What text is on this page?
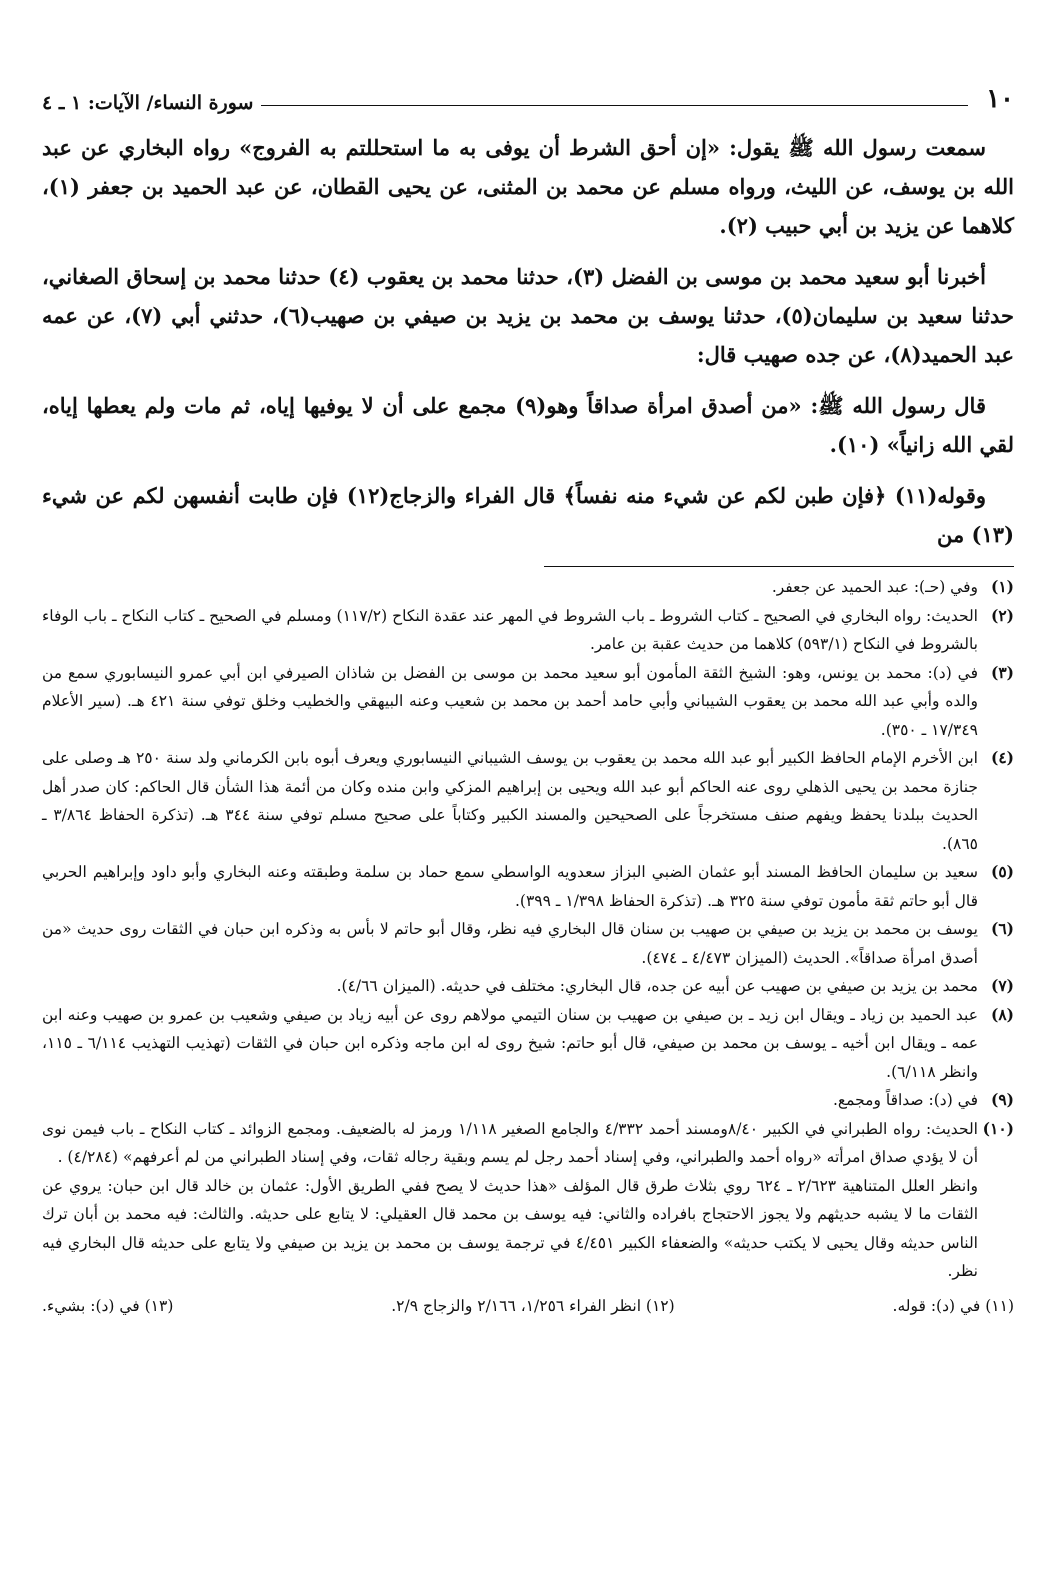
١٠
سورة النساء/ الآيات: ١ ـ ٤

سمعت رسول الله ﷺ يقول: «إن أحق الشرط أن يوفى به ما استحللتم به الفروج» رواه البخاري عن عبد الله بن يوسف، عن الليث، ورواه مسلم عن محمد بن المثنى، عن يحيى القطان، عن عبد الحميد بن جعفر (١)، كلاهما عن يزيد بن أبي حبيب (٢).

أخبرنا أبو سعيد محمد بن موسى بن الفضل (٣)، حدثنا محمد بن يعقوب (٤) حدثنا محمد بن إسحاق الصغاني، حدثنا سعيد بن سليمان(٥)، حدثنا يوسف بن محمد بن يزيد بن صيفي بن صهيب(٦)، حدثني أبي (٧)، عن عمه عبد الحميد(٨)، عن جده صهيب قال:

قال رسول الله ﷺ: «من أصدق امرأة صداقاً وهو(٩) مجمع على أن لا يوفيها إياه، ثم مات ولم يعطها إياه، لقي الله زانياً» (١٠).

وقوله(١١) ﴿فإن طبن لكم عن شيء منه نفساً﴾ قال الفراء والزجاج(١٢) فإن طابت أنفسهن لكم عن شيء (١٣) من

(١)
وفي (حـ): عبد الحميد عن جعفر.
(٢)
الحديث: رواه البخاري في الصحيح ـ كتاب الشروط ـ باب الشروط في المهر عند عقدة النكاح (١١٧/٢) ومسلم في الصحيح ـ كتاب النكاح ـ باب الوفاء بالشروط في النكاح (٥٩٣/١) كلاهما من حديث عقبة بن عامر.
(٣)
في (د): محمد بن يونس، وهو: الشيخ الثقة المأمون أبو سعيد محمد بن موسى بن الفضل بن شاذان الصيرفي ابن أبي عمرو النيسابوري سمع من والده وأبي عبد الله محمد بن يعقوب الشيباني وأبي حامد أحمد بن محمد بن شعيب وعنه البيهقي والخطيب وخلق توفي سنة ٤٢١ هـ. (سير الأعلام ١٧/٣٤٩ ـ ٣٥٠).
(٤)
ابن الأخرم الإمام الحافظ الكبير أبو عبد الله محمد بن يعقوب بن يوسف الشيباني النيسابوري ويعرف أبوه بابن الكرماني ولد سنة ٢٥٠ هـ وصلى على جنازة محمد بن يحيى الذهلي روى عنه الحاكم أبو عبد الله ويحيى بن إبراهيم المزكي وابن منده وكان من أئمة هذا الشأن قال الحاكم: كان صدر أهل الحديث ببلدنا يحفظ ويفهم صنف مستخرجاً على الصحيحين والمسند الكبير وكتاباً على صحيح مسلم توفي سنة ٣٤٤ هـ. (تذكرة الحفاظ ٣/٨٦٤ ـ ٨٦٥).
(٥)
سعيد بن سليمان الحافظ المسند أبو عثمان الضبي البزاز سعدويه الواسطي سمع حماد بن سلمة وطبقته وعنه البخاري وأبو داود وإبراهيم الحربي قال أبو حاتم ثقة مأمون توفي سنة ٣٢٥ هـ. (تذكرة الحفاظ ١/٣٩٨ ـ ٣٩٩).
(٦)
يوسف بن محمد بن يزيد بن صيفي بن صهيب بن سنان قال البخاري فيه نظر، وقال أبو حاتم لا بأس به وذكره ابن حبان في الثقات روى حديث «من أصدق امرأة صداقاً». الحديث (الميزان ٤/٤٧٣ ـ ٤٧٤).
(٧)
محمد بن يزيد بن صيفي بن صهيب عن أبيه عن جده، قال البخاري: مختلف في حديثه. (الميزان ٤/٦٦).
(٨)
عبد الحميد بن زياد ـ ويقال ابن زيد ـ بن صيفي بن صهيب بن سنان التيمي مولاهم روى عن أبيه زياد بن صيفي وشعيب بن عمرو بن صهيب وعنه ابن عمه ـ ويقال ابن أخيه ـ يوسف بن محمد بن صيفي، قال أبو حاتم: شيخ روى له ابن ماجه وذكره ابن حبان في الثقات (تهذيب التهذيب ٦/١١٤ ـ ١١٥، وانظر ٦/١١٨).
(٩)
في (د): صداقاً ومجمع.
(١٠)
الحديث: رواه الطبراني في الكبير ٨/٤٠ومسند أحمد ٤/٣٣٢ والجامع الصغير ١/١١٨ ورمز له بالضعيف. ومجمع الزوائد ـ كتاب النكاح ـ باب فيمن نوى أن لا يؤدي صداق امرأته «رواه أحمد والطبراني، وفي إسناد أحمد رجل لم يسم وبقية رجاله ثقات، وفي إسناد الطبراني من لم أعرفهم» (٤/٢٨٤) .

وانظر العلل المتناهية ٢/٦٢٣ ـ ٦٢٤ روي بثلاث طرق قال المؤلف «هذا حديث لا يصح ففي الطريق الأول: عثمان بن خالد قال ابن حبان: يروي عن الثقات ما لا يشبه حديثهم ولا يجوز الاحتجاج بافراده والثاني: فيه يوسف بن محمد قال العقيلي: لا يتابع على حديثه. والثالث: فيه محمد بن أبان ترك الناس حديثه وقال يحيى لا يكتب حديثه» والضعفاء الكبير ٤/٤٥١ في ترجمة يوسف بن محمد بن يزيد بن صيفي ولا يتابع على حديثه قال البخاري فيه نظر.

(١١) في (د): قوله.
(١٢) انظر الفراء ١/٢٥٦، ٢/١٦٦ والزجاج ٢/٩.
(١٣) في (د): بشيء.
